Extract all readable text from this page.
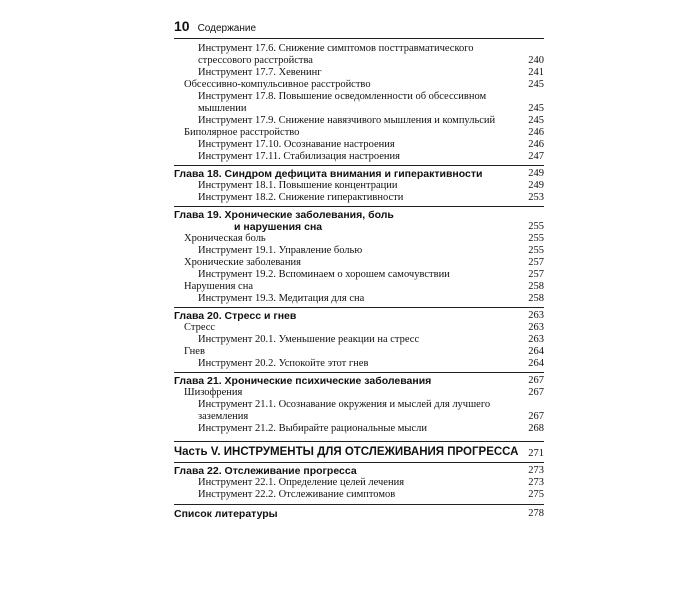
10 Содержание
Инструмент 17.6. Снижение симптомов посттравматического
стрессового расстройства	240
Инструмент 17.7. Хевенинг	241
Обсессивно-компульсивное расстройство	245
Инструмент 17.8. Повышение осведомленности об обсессивном
мышлении	245
Инструмент 17.9. Снижение навязчивого мышления и компульсий	245
Биполярное расстройство	246
Инструмент 17.10. Осознавание настроения	246
Инструмент 17.11. Стабилизация настроения	247
Глава 18. Синдром дефицита внимания и гиперактивности	249
Инструмент 18.1. Повышение концентрации	249
Инструмент 18.2. Снижение гиперактивности	253
Глава 19. Хронические заболевания, боль
и нарушения сна	255
Хроническая боль	255
Инструмент 19.1. Управление болью	255
Хронические заболевания	257
Инструмент 19.2. Вспоминаем о хорошем самочувствии	257
Нарушения сна	258
Инструмент 19.3. Медитация для сна	258
Глава 20. Стресс и гнев	263
Стресс	263
Инструмент 20.1. Уменьшение реакции на стресс	263
Гнев	264
Инструмент 20.2. Успокойте этот гнев	264
Глава 21. Хронические психические заболевания	267
Шизофрения	267
Инструмент 21.1. Осознавание окружения и мыслей для лучшего
заземления	267
Инструмент 21.2. Выбирайте рациональные мысли	268
Часть V. ИНСТРУМЕНТЫ ДЛЯ ОТСЛЕЖИВАНИЯ ПРОГРЕССА 271
Глава 22. Отслеживание прогресса	273
Инструмент 22.1. Определение целей лечения	273
Инструмент 22.2. Отслеживание симптомов	275
Список литературы	278
